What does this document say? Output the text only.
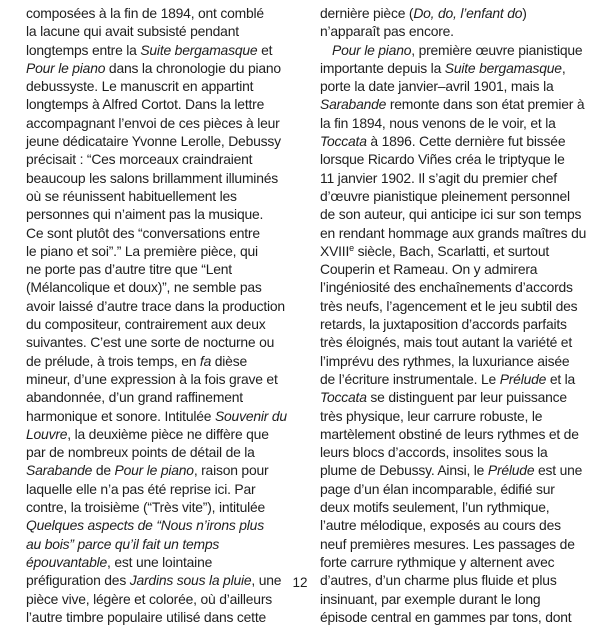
composées à la fin de 1894, ont comblé
la lacune qui avait subsisté pendant
longtemps entre la Suite bergamasque et
Pour le piano dans la chronologie du piano
debussyste. Le manuscrit en appartint
longtemps à Alfred Cortot. Dans la lettre
accompagnant l’envoi de ces pièces à leur
jeune dédicataire Yvonne Lerolle, Debussy
précisait : “Ces morceaux craindraient
beaucoup les salons brillamment illuminés
où se réunissent habituellement les
personnes qui n’aiment pas la musique.
Ce sont plutôt des “conversations entre
le piano et soi”.” La première pièce, qui
ne porte pas d’autre titre que “Lent
(Mélancolique et doux)”, ne semble pas
avoir laissé d’autre trace dans la production
du compositeur, contrairement aux deux
suivantes. C’est une sorte de nocturne ou
de prélude, à trois temps, en fa dièse
mineur, d’une expression à la fois grave et
abandonnée, d’un grand raffinement
harmonique et sonore. Intitulée Souvenir du
Louvre, la deuxième pièce ne diffère que
par de nombreux points de détail de la
Sarabande de Pour le piano, raison pour
laquelle elle n’a pas été reprise ici. Par
contre, la troisième (“Très vite”), intitulée
Quelques aspects de “Nous n’irons plus
au bois” parce qu’il fait un temps
épouvantable, est une lointaine
préfiguration des Jardins sous la pluie, une
pièce vive, légère et colorée, où d’ailleurs
l’autre timbre populaire utilisé dans cette
dernière pièce (Do, do, l’enfant do)
n’apparaît pas encore.
Pour le piano, première œuvre pianistique
importante depuis la Suite bergamasque,
porte la date janvier–avril 1901, mais la
Sarabande remonte dans son état premier à
la fin 1894, nous venons de le voir, et la
Toccata à 1896. Cette dernière fut bissée
lorsque Ricardo Viñes créa le triptyque le
11 janvier 1902. Il s’agit du premier chef
d’œuvre pianistique pleinement personnel
de son auteur, qui anticipe ici sur son temps
en rendant hommage aux grands maîtres du
XVIIIe siècle, Bach, Scarlatti, et surtout
Couperin et Rameau. On y admirera
l’ingéniosité des enchaînements d’accords
très neufs, l’agencement et le jeu subtil des
retards, la juxtaposition d’accords parfaits
très éloignés, mais tout autant la variété et
l’imprévu des rythmes, la luxuriance aisée
de l’écriture instrumentale. Le Prélude et la
Toccata se distinguent par leur puissance
très physique, leur carrure robuste, le
martèlement obstiné de leurs rythmes et de
leurs blocs d’accords, insolites sous la
plume de Debussy. Ainsi, le Prélude est une
page d’un élan incomparable, édifié sur
deux motifs seulement, l’un rythmique,
l’autre mélodique, exposés au cours des
neuf premières mesures. Les passages de
forte carrure rythmique y alternent avec
d’autres, d’un charme plus fluide et plus
insinuant, par exemple durant le long
épisode central en gammes par tons, dont
12
